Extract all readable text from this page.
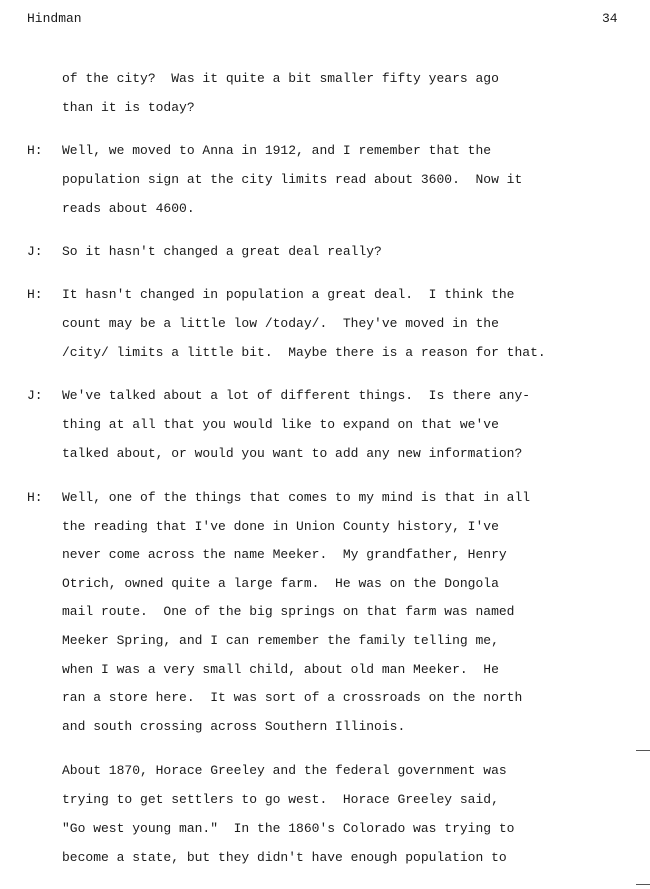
Hindman	34
of the city?  Was it quite a bit smaller fifty years ago
than it is today?
H: Well, we moved to Anna in 1912, and I remember that the
population sign at the city limits read about 3600.  Now it
reads about 4600.
J: So it hasn't changed a great deal really?
H: It hasn't changed in population a great deal.  I think the
count may be a little low /today/.  They've moved in the
/city/ limits a little bit.  Maybe there is a reason for that.
J: We've talked about a lot of different things.  Is there any-
thing at all that you would like to expand on that we've
talked about, or would you want to add any new information?
H: Well, one of the things that comes to my mind is that in all
the reading that I've done in Union County history, I've
never come across the name Meeker.  My grandfather, Henry
Otrich, owned quite a large farm.  He was on the Dongola
mail route.  One of the big springs on that farm was named
Meeker Spring, and I can remember the family telling me,
when I was a very small child, about old man Meeker.  He
ran a store here.  It was sort of a crossroads on the north
and south crossing across Southern Illinois.
About 1870, Horace Greeley and the federal government was
trying to get settlers to go west.  Horace Greeley said,
"Go west young man."  In the 1860's Colorado was trying to
become a state, but they didn't have enough population to
